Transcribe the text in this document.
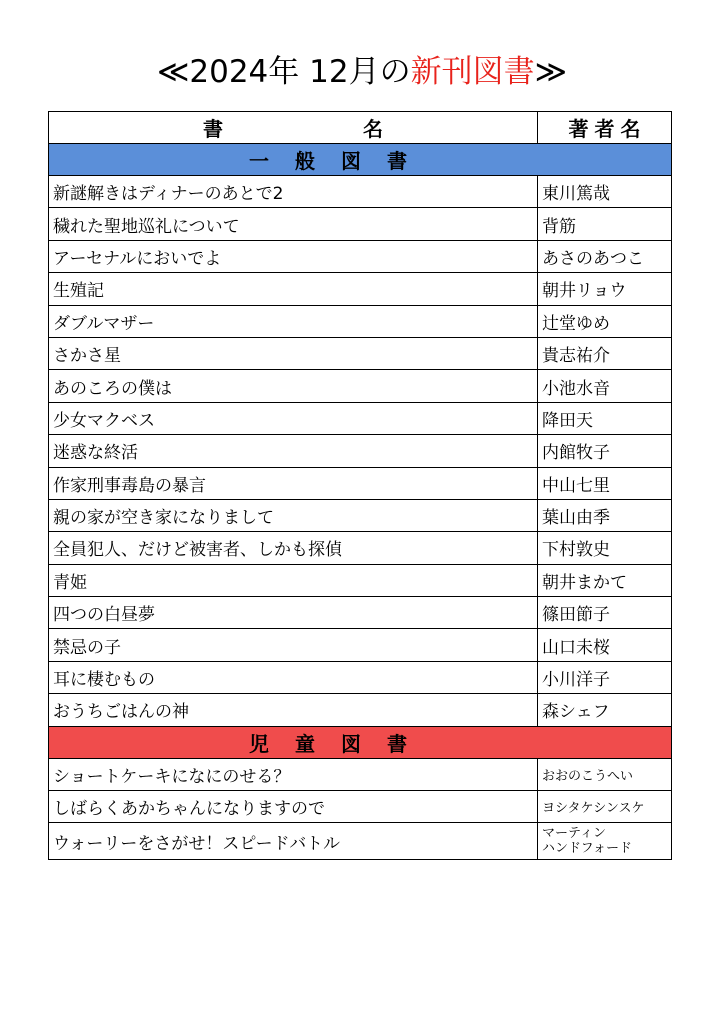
≪2024年 12月の新刊図書≫
書　名	著者名
一般図書	
新謎解きはディナーのあとで2	東川篤哉
穢れた聖地巡礼について	背筋
アーセナルにおいでよ	あさのあつこ
生殖記	朝井リョウ
ダブルマザー	辻堂ゆめ
さかさ星	貴志祐介
あのころの僕は	小池水音
少女マクベス	降田天
迷惑な終活	内館牧子
作家刑事毒島の暴言	中山七里
親の家が空き家になりまして	葉山由季
全員犯人、だけど被害者、しかも探偵	下村敦史
青姫	朝井まかて
四つの白昼夢	篠田節子
禁忌の子	山口未桜
耳に棲むもの	小川洋子
おうちごはんの神	森シェフ
児童図書	
ショートケーキになにのせる？	おおのこうへい
しばらくあかちゃんになりますので	ヨシタケシンスケ
ウォーリーをさがせ！スピードバトル	マーティン
ハンドフォード
